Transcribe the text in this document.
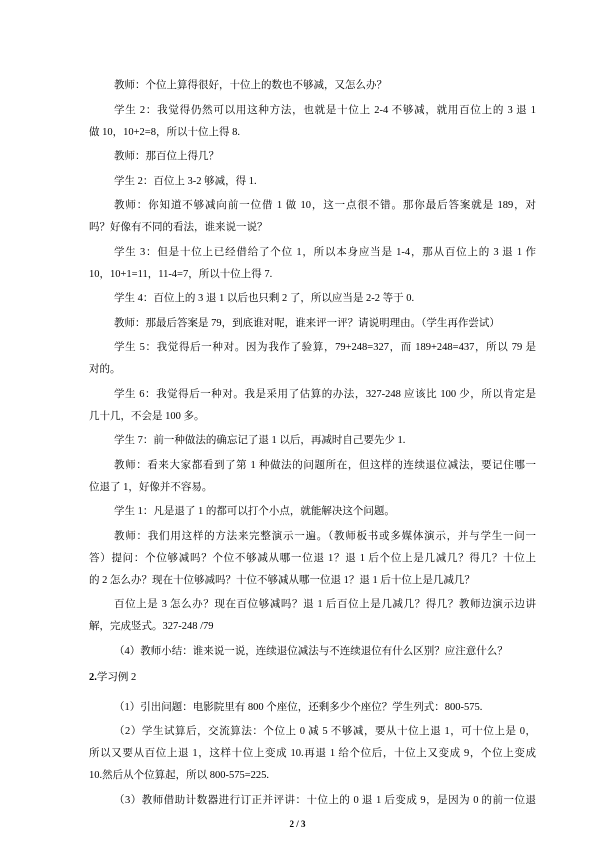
教师：个位上算得很好，十位上的数也不够减，又怎么办？

学生 2：我觉得仍然可以用这种方法，也就是十位上 2-4 不够减，就用百位上的 3 退 1
做 10，10+2=8，所以十位上得 8.

教师：那百位上得几？

学生 2：百位上 3-2 够减，得 1.

教师：你知道不够减向前一位借 1 做 10，这一点很不错。那你最后答案就是 189，对
吗？好像有不同的看法，谁来说一说？

学生 3：但是十位上已经借给了个位 1，所以本身应当是 1-4，那从百位上的 3 退 1 作
10，10+1=11，11-4=7，所以十位上得 7.

学生 4：百位上的 3 退 1 以后也只剩 2 了，所以应当是 2-2 等于 0.

教师：那最后答案是 79，到底谁对呢，谁来评一评？请说明理由。（学生再作尝试）

学生 5：我觉得后一种对。因为我作了验算，79+248=327，而 189+248=437，所以 79 是
对的。

学生 6：我觉得后一种对。我是采用了估算的办法，327-248 应该比 100 少，所以肯定是
几十几，不会是 100 多。

学生 7：前一种做法的确忘记了退 1 以后，再减时自己要先少 1.

教师：看来大家都看到了第 1 种做法的问题所在，但这样的连续退位减法，要记住哪一
位退了 1，好像并不容易。

学生 1：凡是退了 1 的都可以打个小点，就能解决这个问题。

教师：我们用这样的方法来完整演示一遍。（教师板书或多媒体演示，并与学生一问一
答）提问：个位够减吗？个位不够减从哪一位退 1？退 1 后个位上是几减几？得几？十位上
的 2 怎么办？现在十位够减吗？十位不够减从哪一位退 1？退 1 后十位上是几减几？

百位上是 3 怎么办？现在百位够减吗？退 1 后百位上是几减几？得几？教师边演示边讲
解，完成竖式。327-248 /79

（4）教师小结：谁来说一说，连续退位减法与不连续退位有什么区别？应注意什么？

2.学习例 2

（1）引出问题：电影院里有 800 个座位，还剩多少个座位？学生列式：800-575.

（2）学生试算后，交流算法：个位上 0 减 5 不够减，要从十位上退 1，可十位上是 0，
所以又要从百位上退 1，这样十位上变成 10.再退 1 给个位后，十位上又变成 9，个位上变成
10.然后从个位算起，所以 800-575=225.

（3）教师借助计数器进行订正并评讲：十位上的 0 退 1 后变成 9，是因为 0 的前一位退

2 / 3
